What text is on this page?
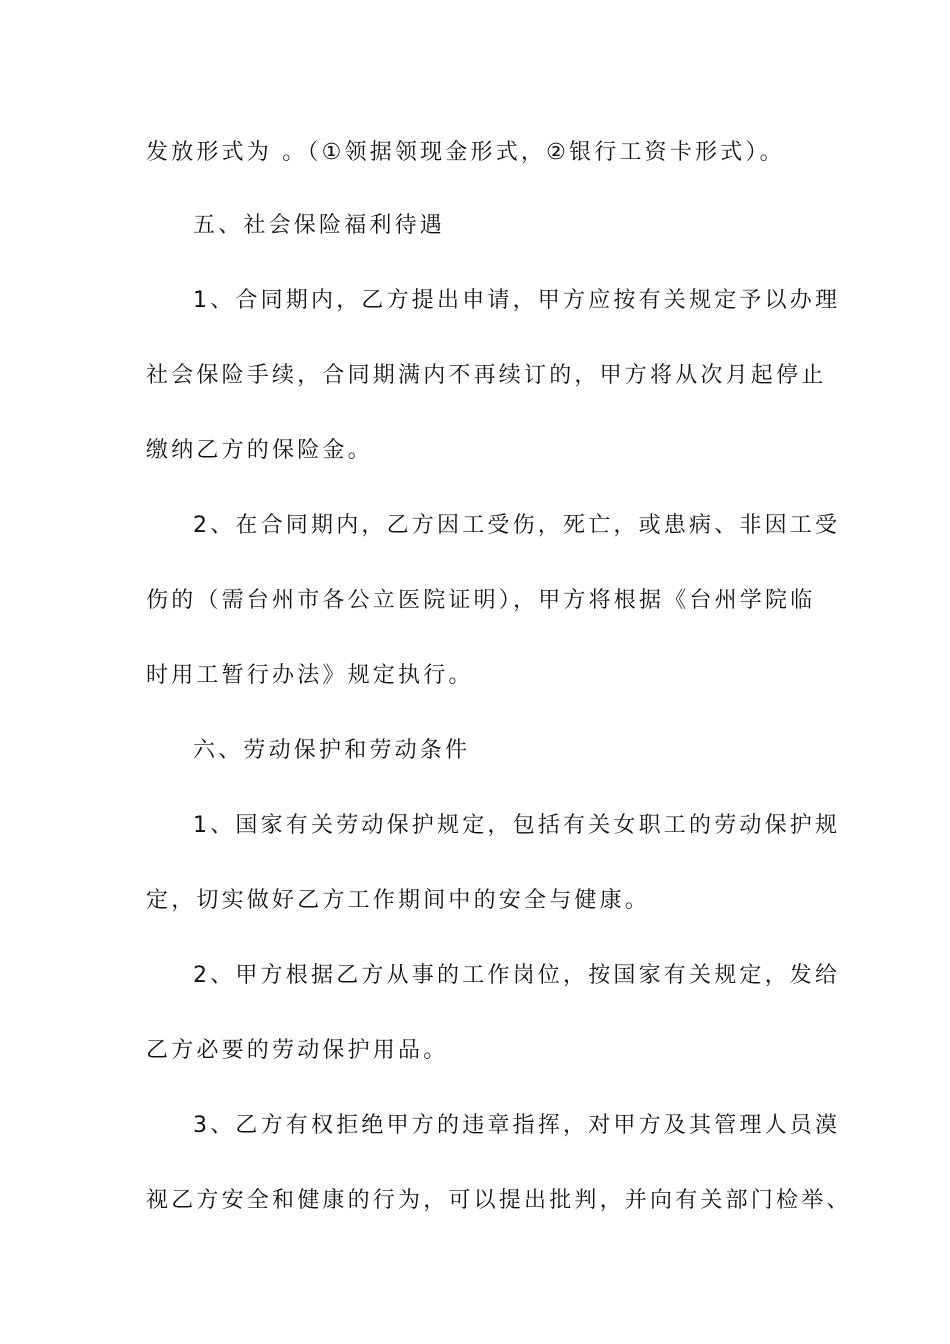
发放形式为 。（①领据领现金形式，②银行工资卡形式）。
五、社会保险福利待遇
1、合同期内，乙方提出申请，甲方应按有关规定予以办理
社会保险手续，合同期满内不再续订的，甲方将从次月起停止
缴纳乙方的保险金。
2、在合同期内，乙方因工受伤，死亡，或患病、非因工受
伤的（需台州市各公立医院证明），甲方将根据《台州学院临
时用工暂行办法》规定执行。
六、劳动保护和劳动条件
1、国家有关劳动保护规定，包括有关女职工的劳动保护规
定，切实做好乙方工作期间中的安全与健康。
2、甲方根据乙方从事的工作岗位，按国家有关规定，发给
乙方必要的劳动保护用品。
3、乙方有权拒绝甲方的违章指挥，对甲方及其管理人员漠
视乙方安全和健康的行为，可以提出批判，并向有关部门检举、
